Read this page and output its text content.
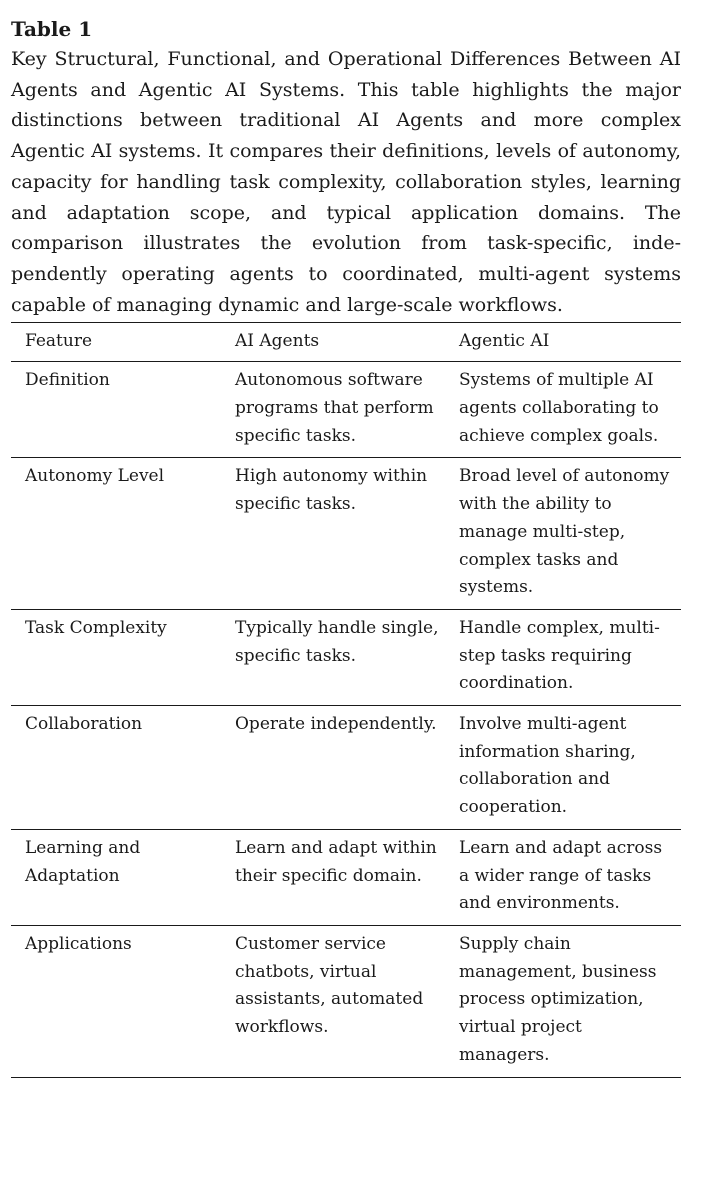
Table 1

Key Structural, Functional, and Operational Differences Between AI Agents and Agentic AI Systems. This table highlights the major distinctions between traditional AI Agents and more complex Agentic AI systems. It compares their definitions, levels of autonomy, capacity for handling task complexity, collaboration styles, learning and adaptation scope, and typical application domains. The comparison illustrates the evolution from task-specific, independently operating agents to coordinated, multi-agent systems capable of managing dynamic and large-scale workflows.

Feature	AI Agents	Agentic AI
Definition	Autonomous software programs that perform specific tasks.	Systems of multiple AI agents collaborating to achieve complex goals.
Autonomy Level	High autonomy within specific tasks.	Broad level of autonomy with the ability to manage multi-step, complex tasks and systems.
Task Complexity	Typically handle single, specific tasks.	Handle complex, multi-step tasks requiring coordination.
Collaboration	Operate independently.	Involve multi-agent information sharing, collaboration and cooperation.
Learning and Adaptation	Learn and adapt within their specific domain.	Learn and adapt across a wider range of tasks and environments.
Applications	Customer service chatbots, virtual assistants, automated workflows.	Supply chain management, business process optimization, virtual project managers.
